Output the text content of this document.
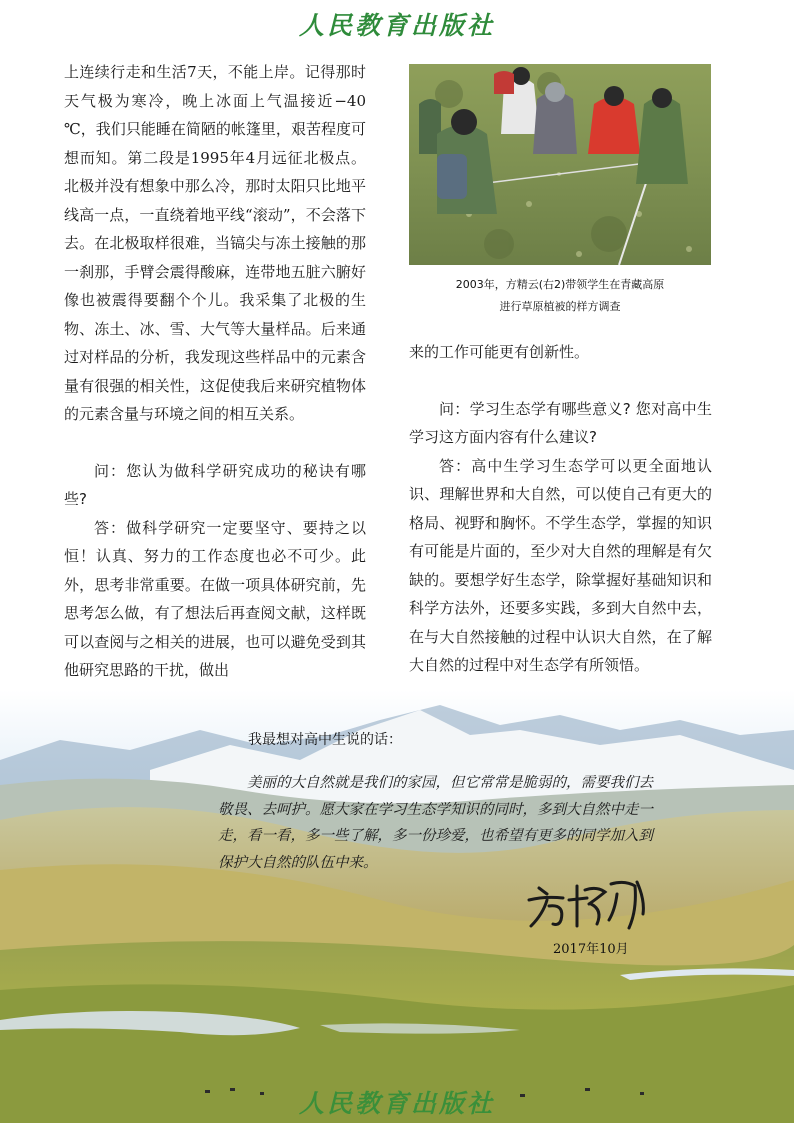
人民教育出版社

上连续行走和生活7天，不能上岸。记得那时天气极为寒冷，晚上冰面上气温接近−40 ℃，我们只能睡在简陋的帐篷里，艰苦程度可想而知。第二段是1995年4月远征北极点。北极并没有想象中那么冷，那时太阳只比地平线高一点，一直绕着地平线“滚动”，不会落下去。在北极取样很难，当镐尖与冻土接触的那一刹那，手臂会震得酸麻，连带地五脏六腑好像也被震得要翻个个儿。我采集了北极的生物、冻土、冰、雪、大气等大量样品。后来通过对样品的分析，我发现这些样品中的元素含量有很强的相关性，这促使我后来研究植物体的元素含量与环境之间的相互关系。

问：您认为做科学研究成功的秘诀有哪些?

答：做科学研究一定要坚守、要持之以恒！认真、努力的工作态度也必不可少。此外，思考非常重要。在做一项具体研究前，先思考怎么做，有了想法后再查阅文献，这样既可以查阅与之相关的进展，也可以避免受到其他研究思路的干扰，做出

2003年，方精云(右2)带领学生在青藏高原
进行草原植被的样方调查

来的工作可能更有创新性。

问：学习生态学有哪些意义? 您对高中生学习这方面内容有什么建议?

答：高中生学习生态学可以更全面地认识、理解世界和大自然，可以使自己有更大的格局、视野和胸怀。不学生态学，掌握的知识有可能是片面的，至少对大自然的理解是有欠缺的。要想学好生态学，除掌握好基础知识和科学方法外，还要多实践，多到大自然中去，在与大自然接触的过程中认识大自然，在了解大自然的过程中对生态学有所领悟。

我最想对高中生说的话：

美丽的大自然就是我们的家园，但它常常是脆弱的，需要我们去敬畏、去呵护。愿大家在学习生态学知识的同时，多到大自然中走一走，看一看，多一些了解，多一份珍爱，也希望有更多的同学加入到保护大自然的队伍中来。

2017年10月
人民教育出版社
